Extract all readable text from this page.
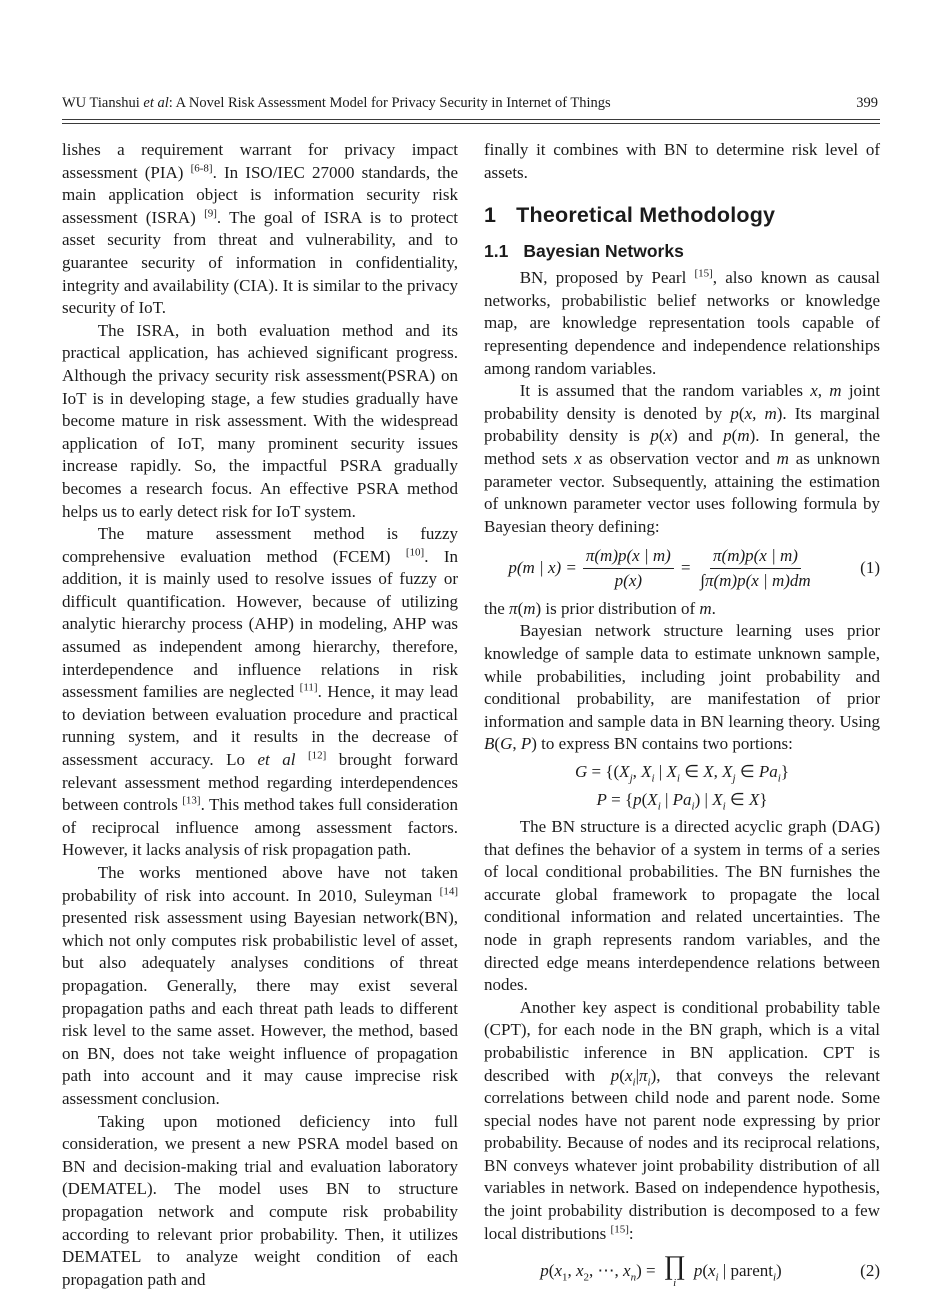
WU Tianshui et al: A Novel Risk Assessment Model for Privacy Security in Internet of Things	399

lishes a requirement warrant for privacy impact assessment (PIA) [6-8]. In ISO/IEC 27000 standards, the main application object is information security risk assessment (ISRA) [9]. The goal of ISRA is to protect asset security from threat and vulnerability, and to guarantee security of information in confidentiality, integrity and availability (CIA). It is similar to the privacy security of IoT.

The ISRA, in both evaluation method and its practical application, has achieved significant progress. Although the privacy security risk assessment(PSRA) on IoT is in developing stage, a few studies gradually have become mature in risk assessment. With the widespread application of IoT, many prominent security issues increase rapidly. So, the impactful PSRA gradually becomes a research focus. An effective PSRA method helps us to early detect risk for IoT system.

The mature assessment method is fuzzy comprehensive evaluation method (FCEM) [10]. In addition, it is mainly used to resolve issues of fuzzy or difficult quantification. However, because of utilizing analytic hierarchy process (AHP) in modeling, AHP was assumed as independent among hierarchy, therefore, interdependence and influence relations in risk assessment families are neglected [11]. Hence, it may lead to deviation between evaluation procedure and practical running system, and it results in the decrease of assessment accuracy. Lo et al [12] brought forward relevant assessment method regarding interdependences between controls [13]. This method takes full consideration of reciprocal influence among assessment factors. However, it lacks analysis of risk propagation path.

The works mentioned above have not taken probability of risk into account. In 2010, Suleyman [14] presented risk assessment using Bayesian network(BN), which not only computes risk probabilistic level of asset, but also adequately analyses conditions of threat propagation. Generally, there may exist several propagation paths and each threat path leads to different risk level to the same asset. However, the method, based on BN, does not take weight influence of propagation path into account and it may cause imprecise risk assessment conclusion.

Taking upon motioned deficiency into full consideration, we present a new PSRA model based on BN and decision-making trial and evaluation laboratory (DEMATEL). The model uses BN to structure propagation network and compute risk probability according to relevant prior probability. Then, it utilizes DEMATEL to analyze weight condition of each propagation path and

finally it combines with BN to determine risk level of assets.

1 Theoretical Methodology
1.1 Bayesian Networks

BN, proposed by Pearl [15], also known as causal networks, probabilistic belief networks or knowledge map, are knowledge representation tools capable of representing dependence and independence relationships among random variables.

It is assumed that the random variables x, m joint probability density is denoted by p(x, m). Its marginal probability density is p(x) and p(m). In general, the method sets x as observation vector and m as unknown parameter vector. Subsequently, attaining the estimation of unknown parameter vector uses following formula by Bayesian theory defining:

p(m | $x) = \frac{\pi(m)p(x | m)}{p(x)} = \frac{\pi(m)p(x | m)}{\int\pi(m)p(x | m)dm}$	(1)

the π(m) is prior distribution of m.

Bayesian network structure learning uses prior knowledge of sample data to estimate unknown sample, while probabilities, including joint probability and conditional probability, are manifestation of prior information and sample data in BN learning theory. Using B(G, P) to express BN contains two portions:

$G = \{(X_j$, $X_i$ | $X_i$ ∈ X, $X_j$ ∈ $Pa_i$}
$P = \{p(X_i$ | $Pa_i$) | $X_i$ ∈ X}

The BN structure is a directed acyclic graph (DAG) that defines the behavior of a system in terms of a series of local conditional probabilities. The BN furnishes the accurate global framework to propagate the local conditional information and related uncertainties. The node in graph represents random variables, and the directed edge means interdependence relations between nodes.

Another key aspect is conditional probability table (CPT), for each node in the BN graph, which is a vital probabilistic inference in BN application. CPT is described with $p(x_i|\pi_i)$, that conveys the relevant correlations between child node and parent node. Some special nodes have not parent node expressing by prior probability. Because of nodes and its reciprocal relations, BN conveys whatever joint probability distribution of all variables in network. Based on independence hypothesis, the joint probability distribution is decomposed to a few local distributions [15]:

$p(x_1$, $x_2$, ⋯, $x_n$) = ∏
i
$p(x_i$ | parent$_i$)	(2)
